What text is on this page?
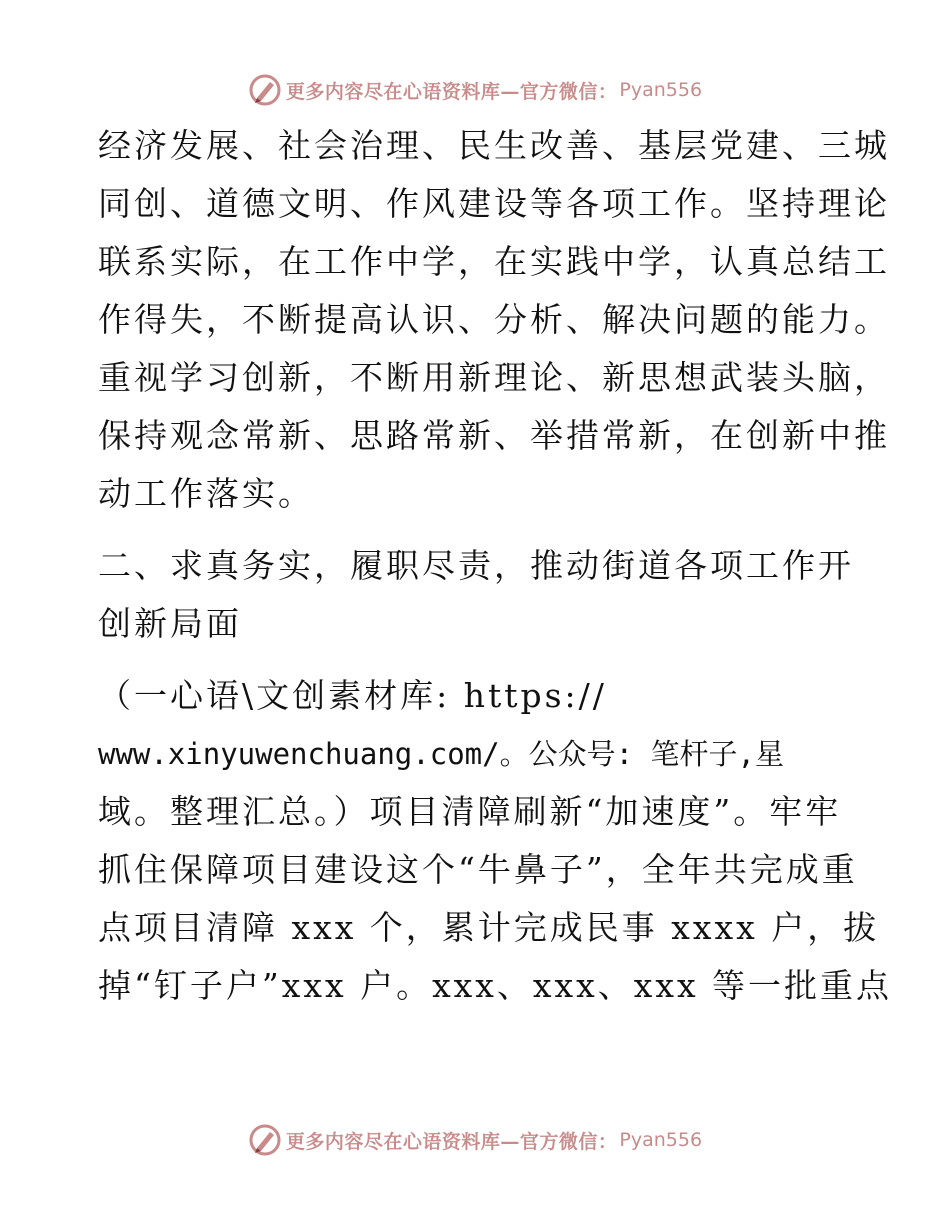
更多内容尽在心语资料库—官方微信： Pyan556
经济发展、社会治理、民生改善、基层党建、三城
同创、道德文明、作风建设等各项工作。坚持理论
联系实际，在工作中学，在实践中学，认真总结工
作得失，不断提高认识、分析、解决问题的能力。
重视学习创新，不断用新理论、新思想武装头脑，
保持观念常新、思路常新、举措常新，在创新中推
动工作落实。
二、求真务实，履职尽责，推动街道各项工作开
创新局面
（一心语\文创素材库: https://
www.xinyuwenchuang.com/。公众号: 笔杆子,星
域。整理汇总。）项目清障刷新“加速度”。牢牢
抓住保障项目建设这个“牛鼻子”，全年共完成重
点项目清障 xxx 个，累计完成民事 xxxx 户，拔
掉“钉子户”xxx 户。xxx、xxx、xxx 等一批重点
更多内容尽在心语资料库—官方微信： Pyan556
